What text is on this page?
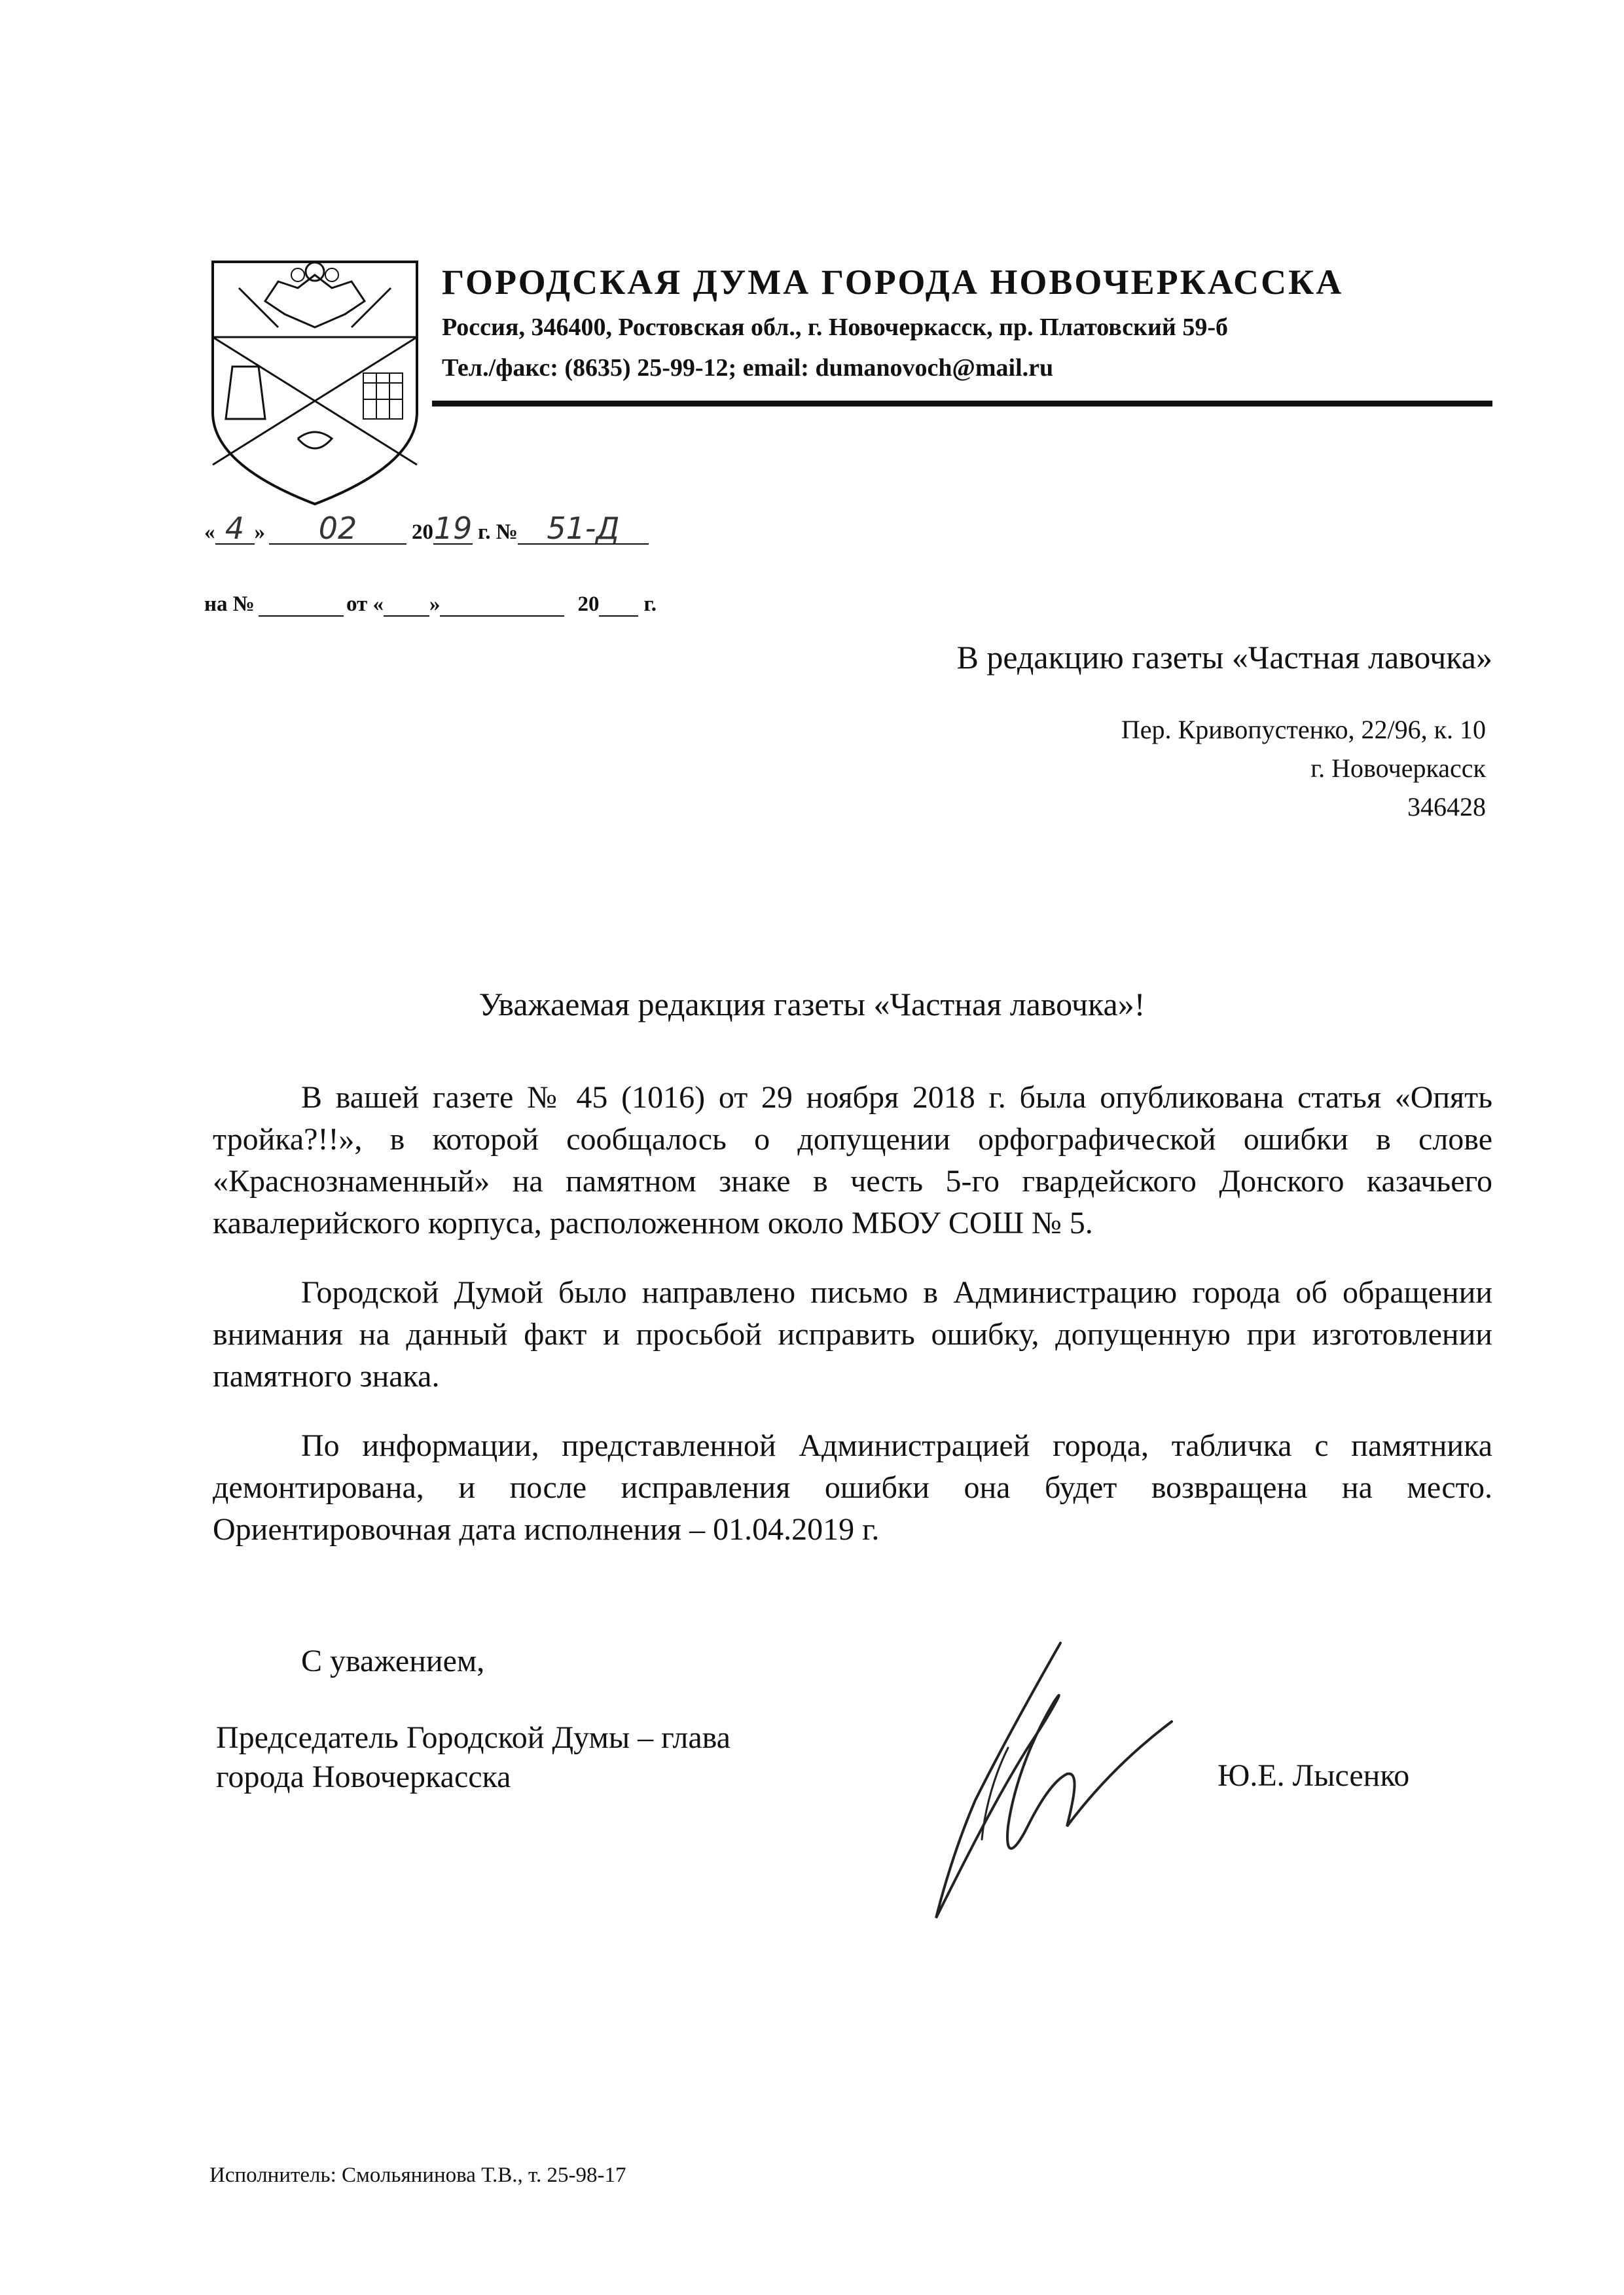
ГОРОДСКАЯ ДУМА ГОРОДА НОВОЧЕРКАССКА
Россия, 346400, Ростовская обл., г. Новочеркасск, пр. Платовский 59-б
Тел./факс: (8635) 25-99-12; email: dumanovoch@mail.ru
« 4 »	02	20 19 г. № 51-Д
на №	от « »	20 г.
В редакцию газеты «Частная лавочка»
Пер. Кривопустенко, 22/96, к. 10
г. Новочеркасск
346428
Уважаемая редакция газеты «Частная лавочка»!

В вашей газете № 45 (1016) от 29 ноября 2018 г. была опубликована статья «Опять тройка?!!», в которой сообщалось о допущении орфографической ошибки в слове «Краснознаменный» на памятном знаке в честь 5-го гвардейского Донского казачьего кавалерийского корпуса, расположенном около МБОУ СОШ № 5.

Городской Думой было направлено письмо в Администрацию города об обращении внимания на данный факт и просьбой исправить ошибку, допущенную при изготовлении памятного знака.

По информации, представленной Администрацией города, табличка с памятника демонтирована, и после исправления ошибки она будет возвращена на место. Ориентировочная дата исполнения – 01.04.2019 г.

С уважением,
Председатель Городской Думы – глава
города Новочеркасска	Ю.Е. Лысенко
Исполнитель: Смольянинова Т.В., т. 25-98-17
